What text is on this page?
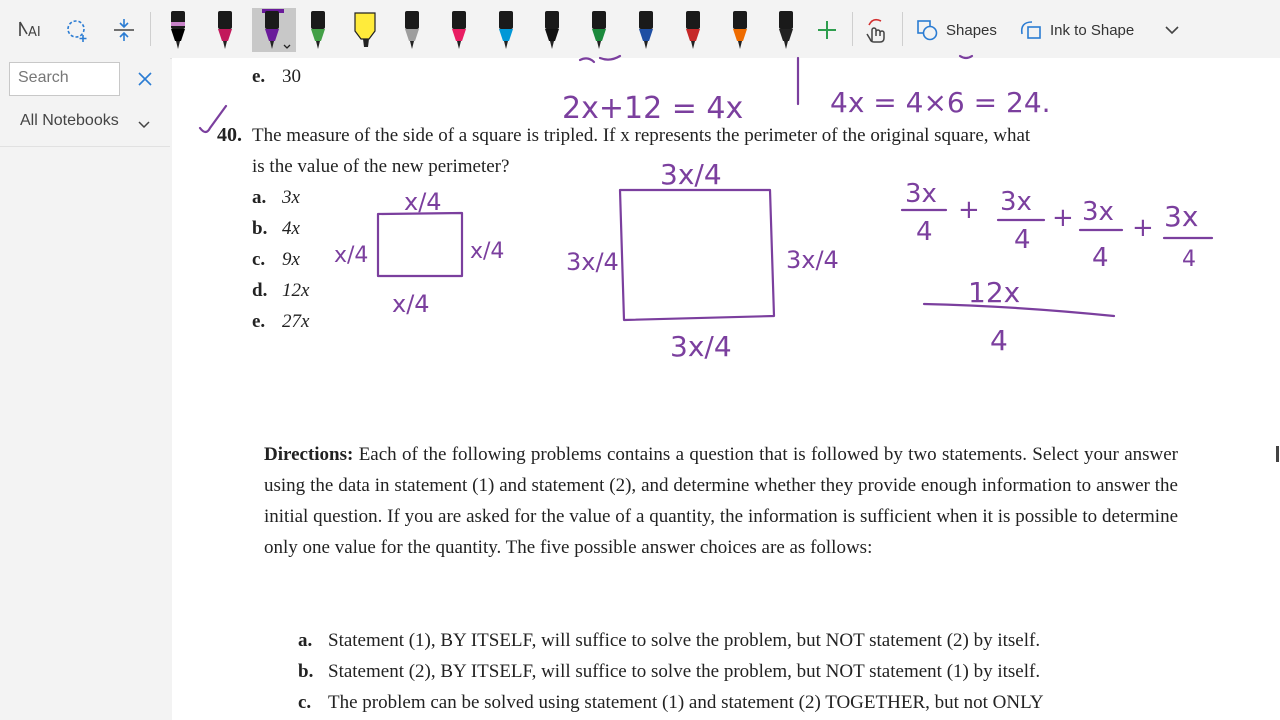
AI	Shapes	Ink to Shape
Search
All Notebooks
e. 30
40. The measure of the side of a square is tripled. If x represents the perimeter of the original square, what
is the value of the new perimeter?
a. 3x
b. 4x
c. 9x
d. 12x
e. 27x
Directions: Each of the following problems contains a question that is followed by two statements. Select your answer using the data in statement (1) and statement (2), and determine whether they provide enough information to answer the initial question. If you are asked for the value of a quantity, the information is sufficient when it is possible to determine only one value for the quantity. The five possible answer choices are as follows:
a. Statement (1), BY ITSELF, will suffice to solve the problem, but NOT statement (2) by itself.
b. Statement (2), BY ITSELF, will suffice to solve the problem, but NOT statement (1) by itself.
c. The problem can be solved using statement (1) and statement (2) TOGETHER, but not ONLY
2x+12 = 4x	4x = 4×6 = 24.
x/4
x/4	x/4
x/4
3x/4
3x/4	3x/4
3x/4
3x
4
+ 3x
4
+ 3x
4
+ 3x
4
12x
4
